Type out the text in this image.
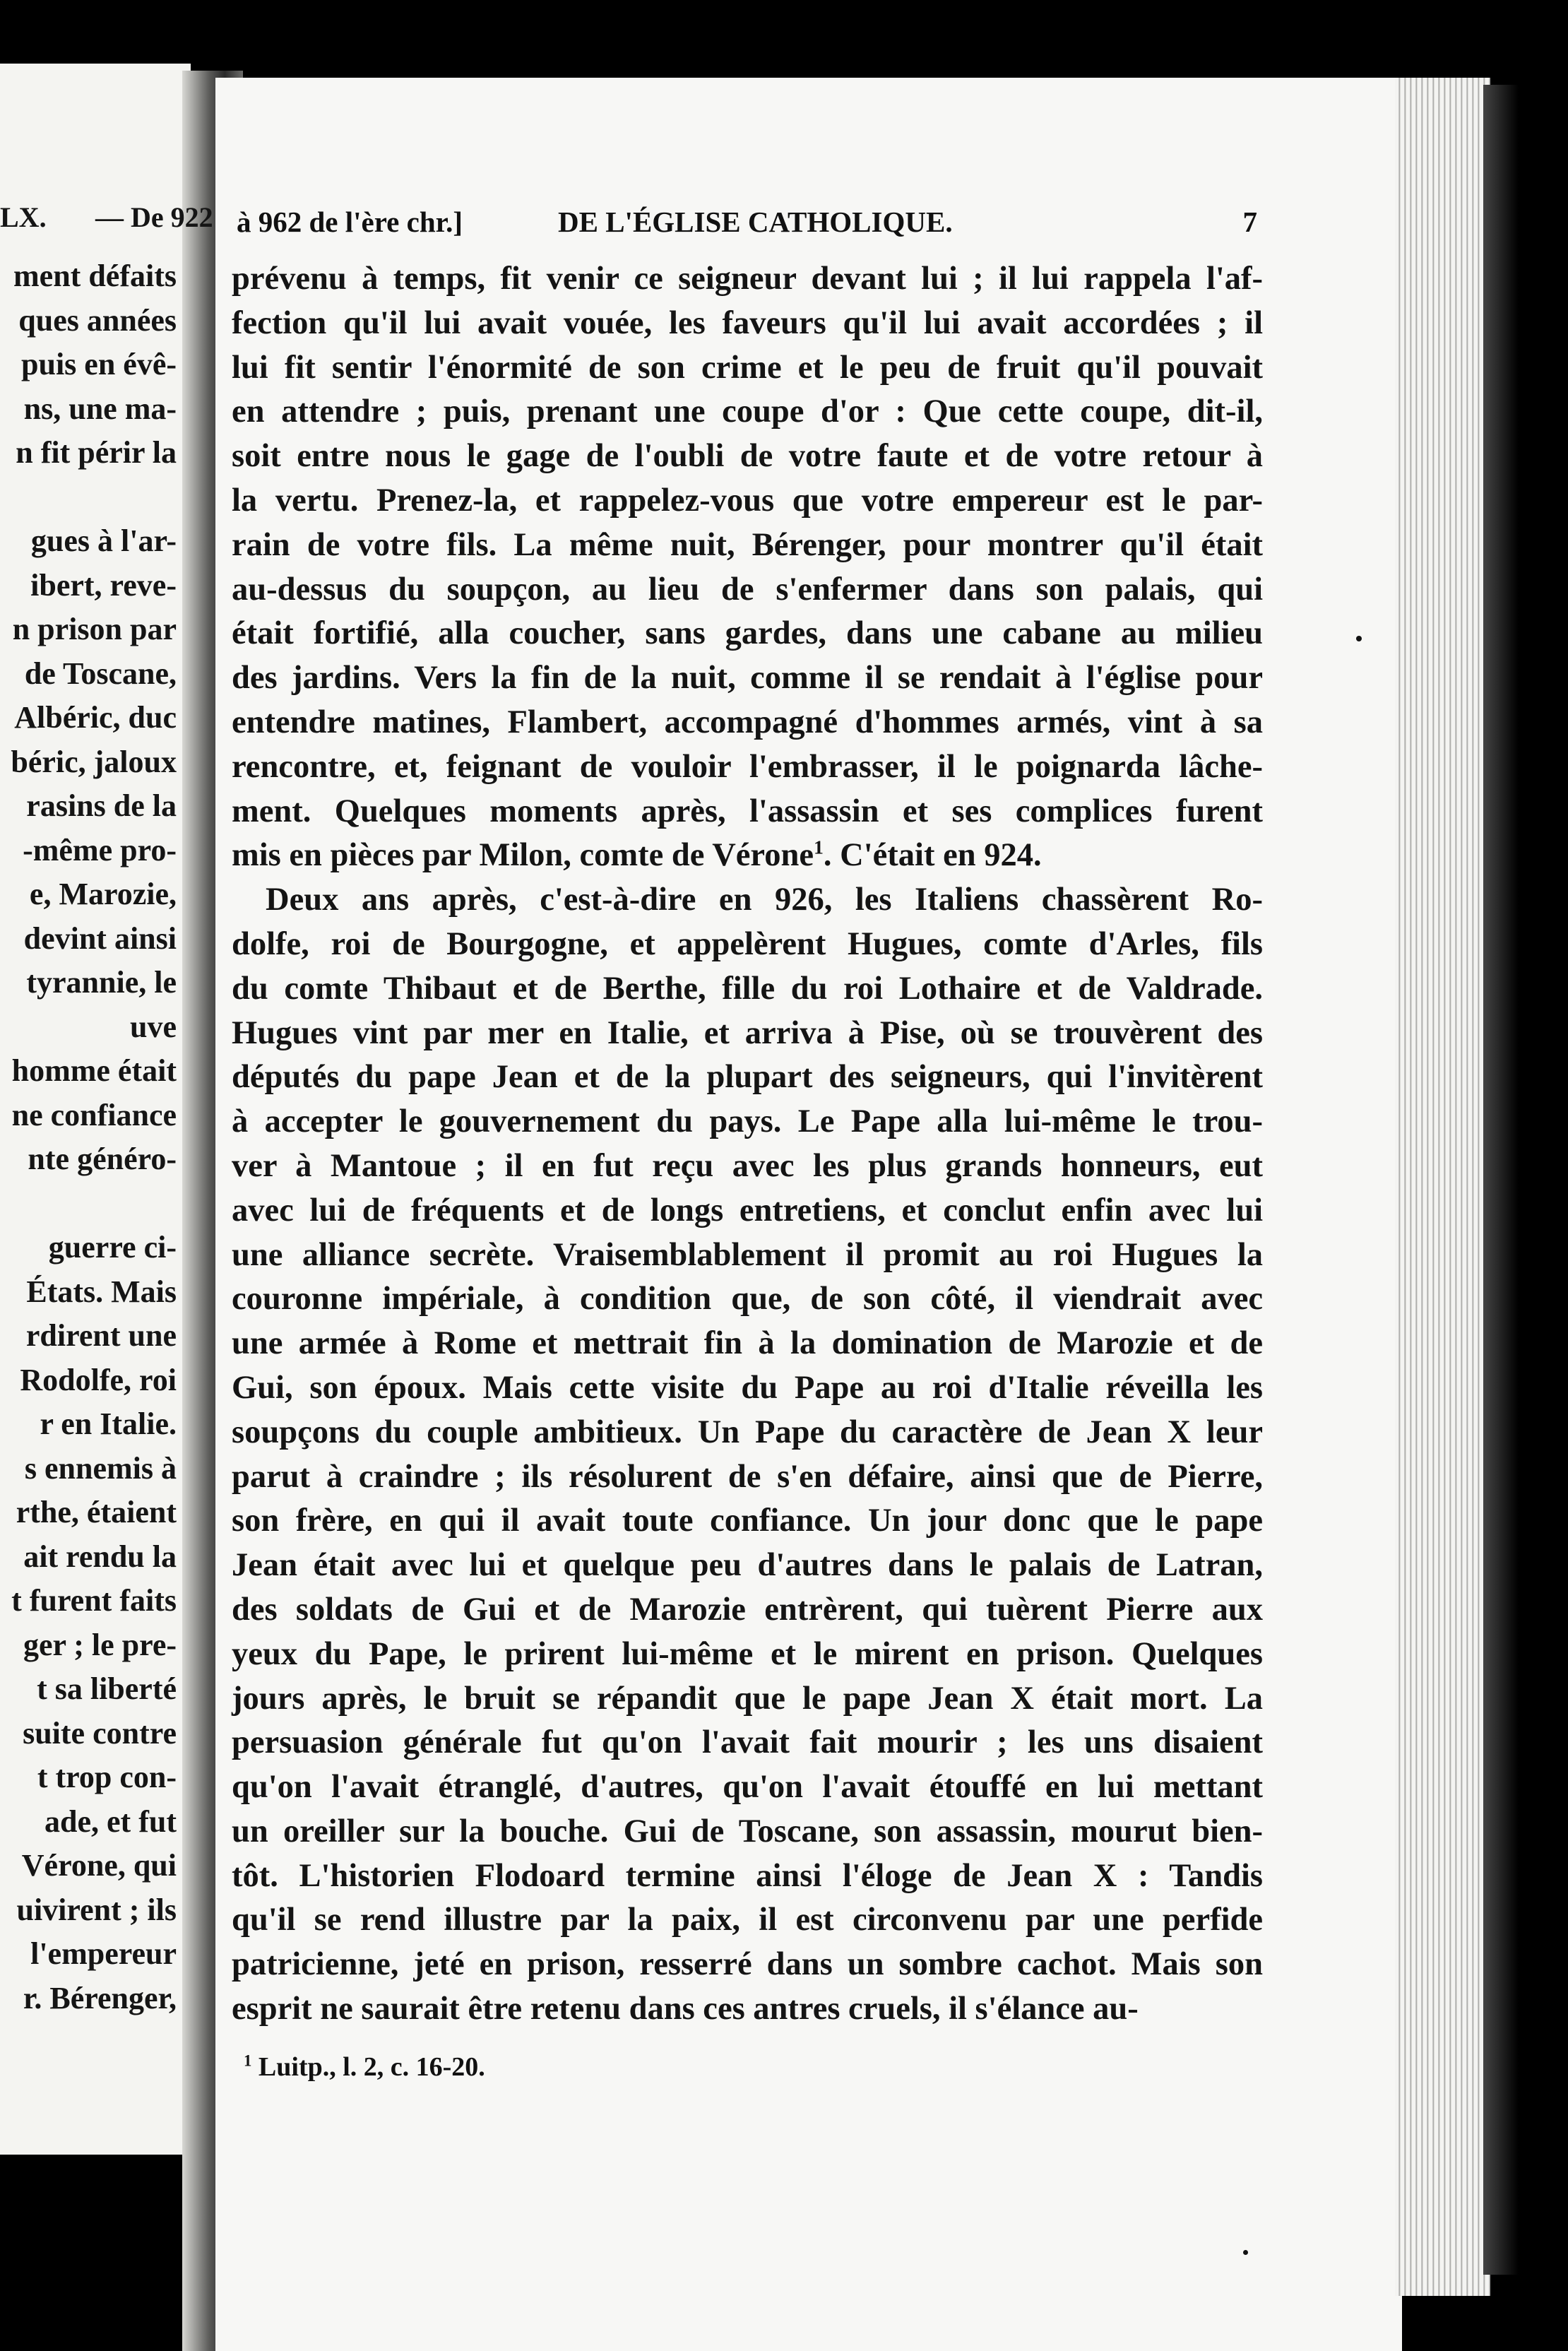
LX. — De 922
ment défaits
ques années
puis en évê-
ns, une ma-
n fit périr la
gues à l'ar-
ibert, reve-
n prison par
de Toscane,
Albéric, duc
béric, jaloux
rasins de la
-même pro-
e, Marozie,
devint ainsi
tyrannie, le
uve
homme était
ne confiance
nte généro-
guerre ci-
États. Mais
rdirent une
Rodolfe, roi
r en Italie.
s ennemis à
rthe, étaient
ait rendu la
t furent faits
ger ; le pre-
t sa liberté
suite contre
t trop con-
ade, et fut
Vérone, qui
uivirent ; ils
l'empereur
r. Bérenger,
à 962 de l'ère chr.]	DE L'ÉGLISE CATHOLIQUE.	7
prévenu à temps, fit venir ce seigneur devant lui ; il lui rappela l'af-
fection qu'il lui avait vouée, les faveurs qu'il lui avait accordées ; il
lui fit sentir l'énormité de son crime et le peu de fruit qu'il pouvait
en attendre ; puis, prenant une coupe d'or : Que cette coupe, dit-il,
soit entre nous le gage de l'oubli de votre faute et de votre retour à
la vertu. Prenez-la, et rappelez-vous que votre empereur est le par-
rain de votre fils. La même nuit, Bérenger, pour montrer qu'il était
au-dessus du soupçon, au lieu de s'enfermer dans son palais, qui
était fortifié, alla coucher, sans gardes, dans une cabane au milieu
des jardins. Vers la fin de la nuit, comme il se rendait à l'église pour
entendre matines, Flambert, accompagné d'hommes armés, vint à sa
rencontre, et, feignant de vouloir l'embrasser, il le poignarda lâche-
ment. Quelques moments après, l'assassin et ses complices furent
mis en pièces par Milon, comte de Vérone$^1$. C'était en 924.
Deux ans après, c'est-à-dire en 926, les Italiens chassèrent Ro-
dolfe, roi de Bourgogne, et appelèrent Hugues, comte d'Arles, fils
du comte Thibaut et de Berthe, fille du roi Lothaire et de Valdrade.
Hugues vint par mer en Italie, et arriva à Pise, où se trouvèrent des
députés du pape Jean et de la plupart des seigneurs, qui l'invitèrent
à accepter le gouvernement du pays. Le Pape alla lui-même le trou-
ver à Mantoue ; il en fut reçu avec les plus grands honneurs, eut
avec lui de fréquents et de longs entretiens, et conclut enfin avec lui
une alliance secrète. Vraisemblablement il promit au roi Hugues la
couronne impériale, à condition que, de son côté, il viendrait avec
une armée à Rome et mettrait fin à la domination de Marozie et de
Gui, son époux. Mais cette visite du Pape au roi d'Italie réveilla les
soupçons du couple ambitieux. Un Pape du caractère de Jean X leur
parut à craindre ; ils résolurent de s'en défaire, ainsi que de Pierre,
son frère, en qui il avait toute confiance. Un jour donc que le pape
Jean était avec lui et quelque peu d'autres dans le palais de Latran,
des soldats de Gui et de Marozie entrèrent, qui tuèrent Pierre aux
yeux du Pape, le prirent lui-même et le mirent en prison. Quelques
jours après, le bruit se répandit que le pape Jean X était mort. La
persuasion générale fut qu'on l'avait fait mourir ; les uns disaient
qu'on l'avait étranglé, d'autres, qu'on l'avait étouffé en lui mettant
un oreiller sur la bouche. Gui de Toscane, son assassin, mourut bien-
tôt. L'historien Flodoard termine ainsi l'éloge de Jean X : Tandis
qu'il se rend illustre par la paix, il est circonvenu par une perfide
patricienne, jeté en prison, resserré dans un sombre cachot. Mais son
esprit ne saurait être retenu dans ces antres cruels, il s'élance au-
$^1$ Luitp., l. 2, c. 16-20.
